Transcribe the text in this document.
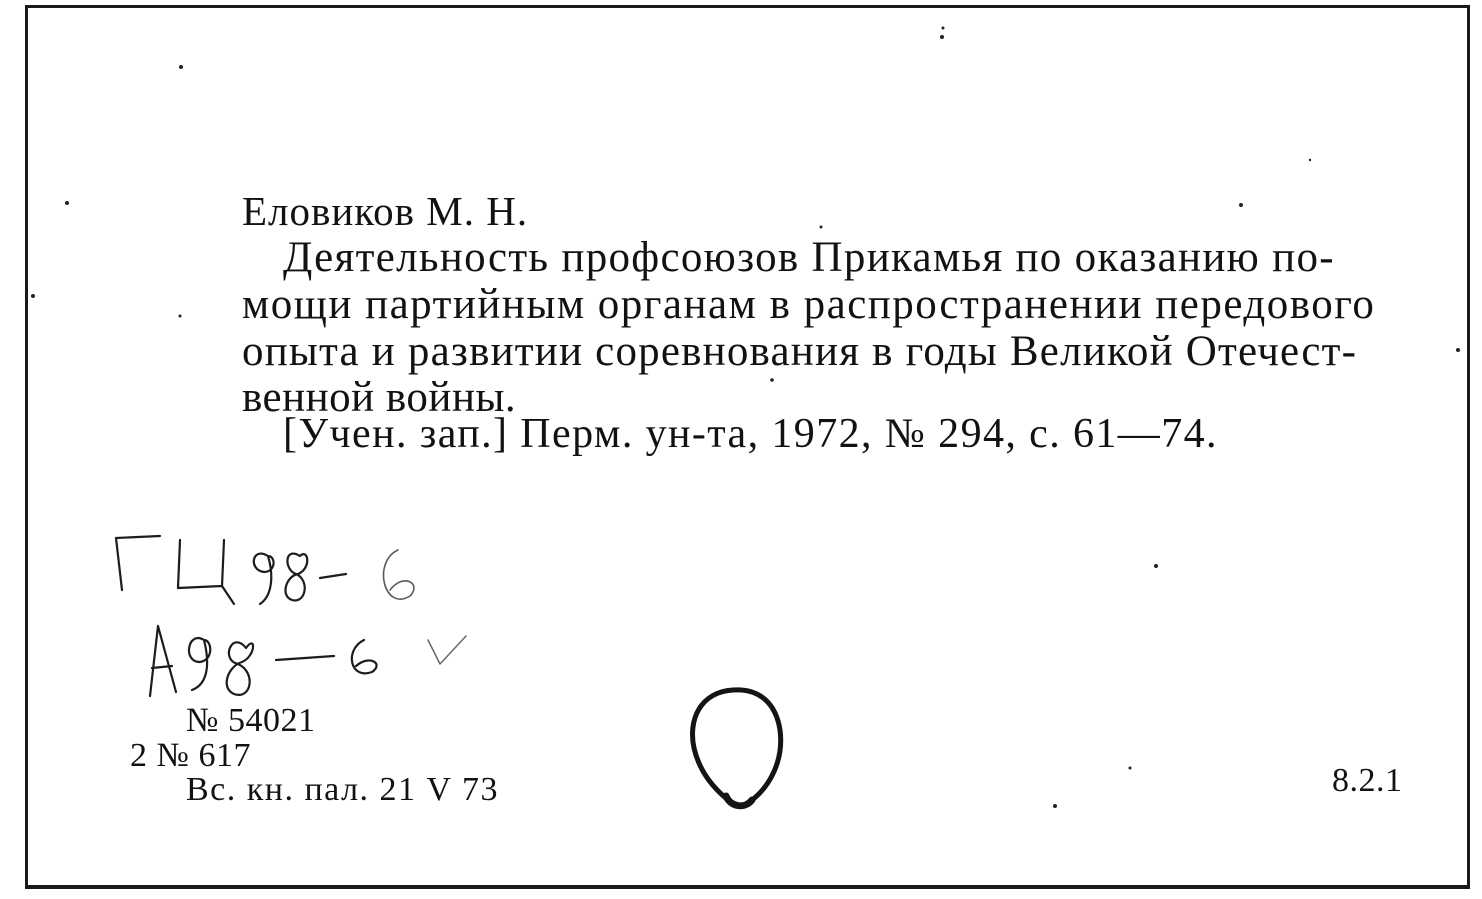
Еловиков М. Н.
Деятельность профсоюзов Прикамья по оказанию по-
мощи партийным органам в распространении передового
опыта и развитии соревнования в годы Великой Отечест-
венной войны.
[Учен. зап.] Перм. ун-та, 1972, № 294, с. 61—74.
№ 54021
2 № 617
Вс. кн. пал. 21 V 73	8.2.1
